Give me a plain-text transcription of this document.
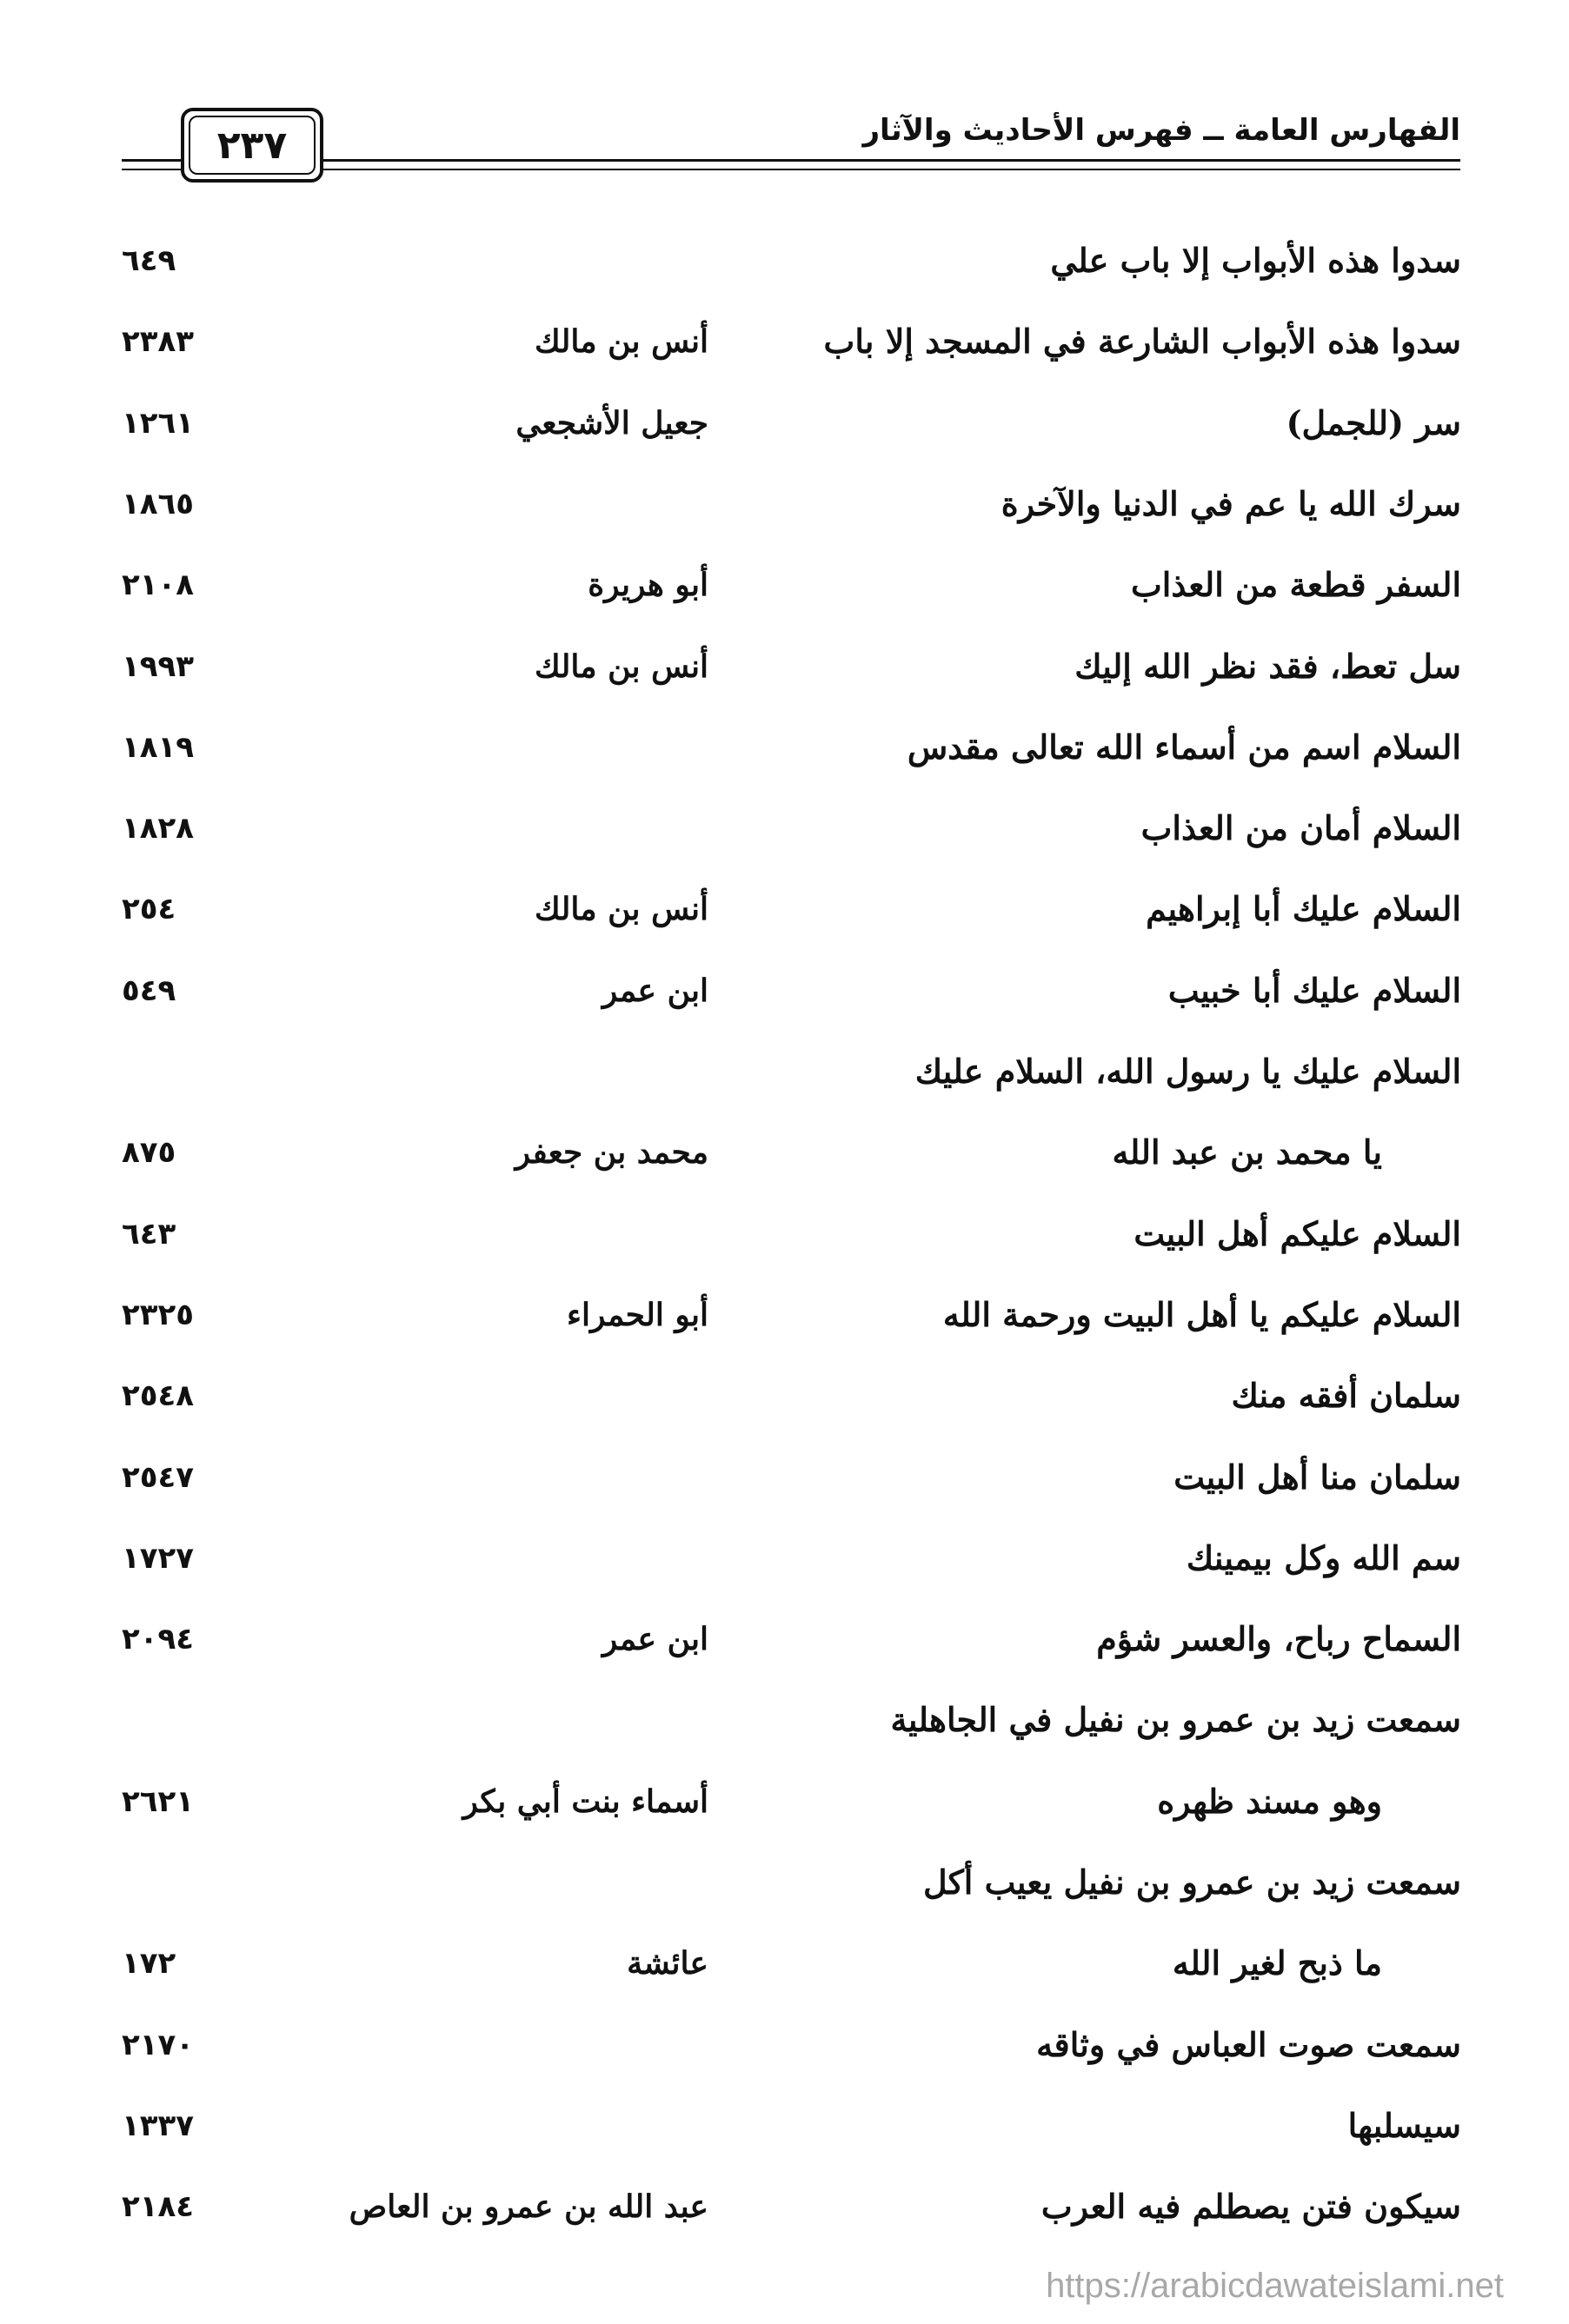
الفهارس العامة ــ فهرس الأحاديث والآثار
٢٣٧
سدوا هذه الأبواب إلا باب علي
٦٤٩
سدوا هذه الأبواب الشارعة في المسجد إلا باب
أنس بن مالك
٢٣٨٣
سر (للجمل)
جعيل الأشجعي
١٢٦١
سرك الله يا عم في الدنيا والآخرة
١٨٦٥
السفر قطعة من العذاب
أبو هريرة
٢١٠٨
سل تعط، فقد نظر الله إليك
أنس بن مالك
١٩٩٣
السلام اسم من أسماء الله تعالى مقدس
١٨١٩
السلام أمان من العذاب
١٨٢٨
السلام عليك أبا إبراهيم
أنس بن مالك
٢٥٤
السلام عليك أبا خبيب
ابن عمر
٥٤٩
السلام عليك يا رسول الله، السلام عليك
يا محمد بن عبد الله
محمد بن جعفر
٨٧٥
السلام عليكم أهل البيت
٦٤٣
السلام عليكم يا أهل البيت ورحمة الله
أبو الحمراء
٢٣٢٥
سلمان أفقه منك
٢٥٤٨
سلمان منا أهل البيت
٢٥٤٧
سم الله وكل بيمينك
١٧٢٧
السماح رباح، والعسر شؤم
ابن عمر
٢٠٩٤
سمعت زيد بن عمرو بن نفيل في الجاهلية
وهو مسند ظهره
أسماء بنت أبي بكر
٢٦٢١
سمعت زيد بن عمرو بن نفيل يعيب أكل
ما ذبح لغير الله
عائشة
١٧٢
سمعت صوت العباس في وثاقه
٢١٧٠
سيسلبها
١٣٣٧
سيكون فتن يصطلم فيه العرب
عبد الله بن عمرو بن العاص
٢١٨٤
https://arabicdawateislami.net
